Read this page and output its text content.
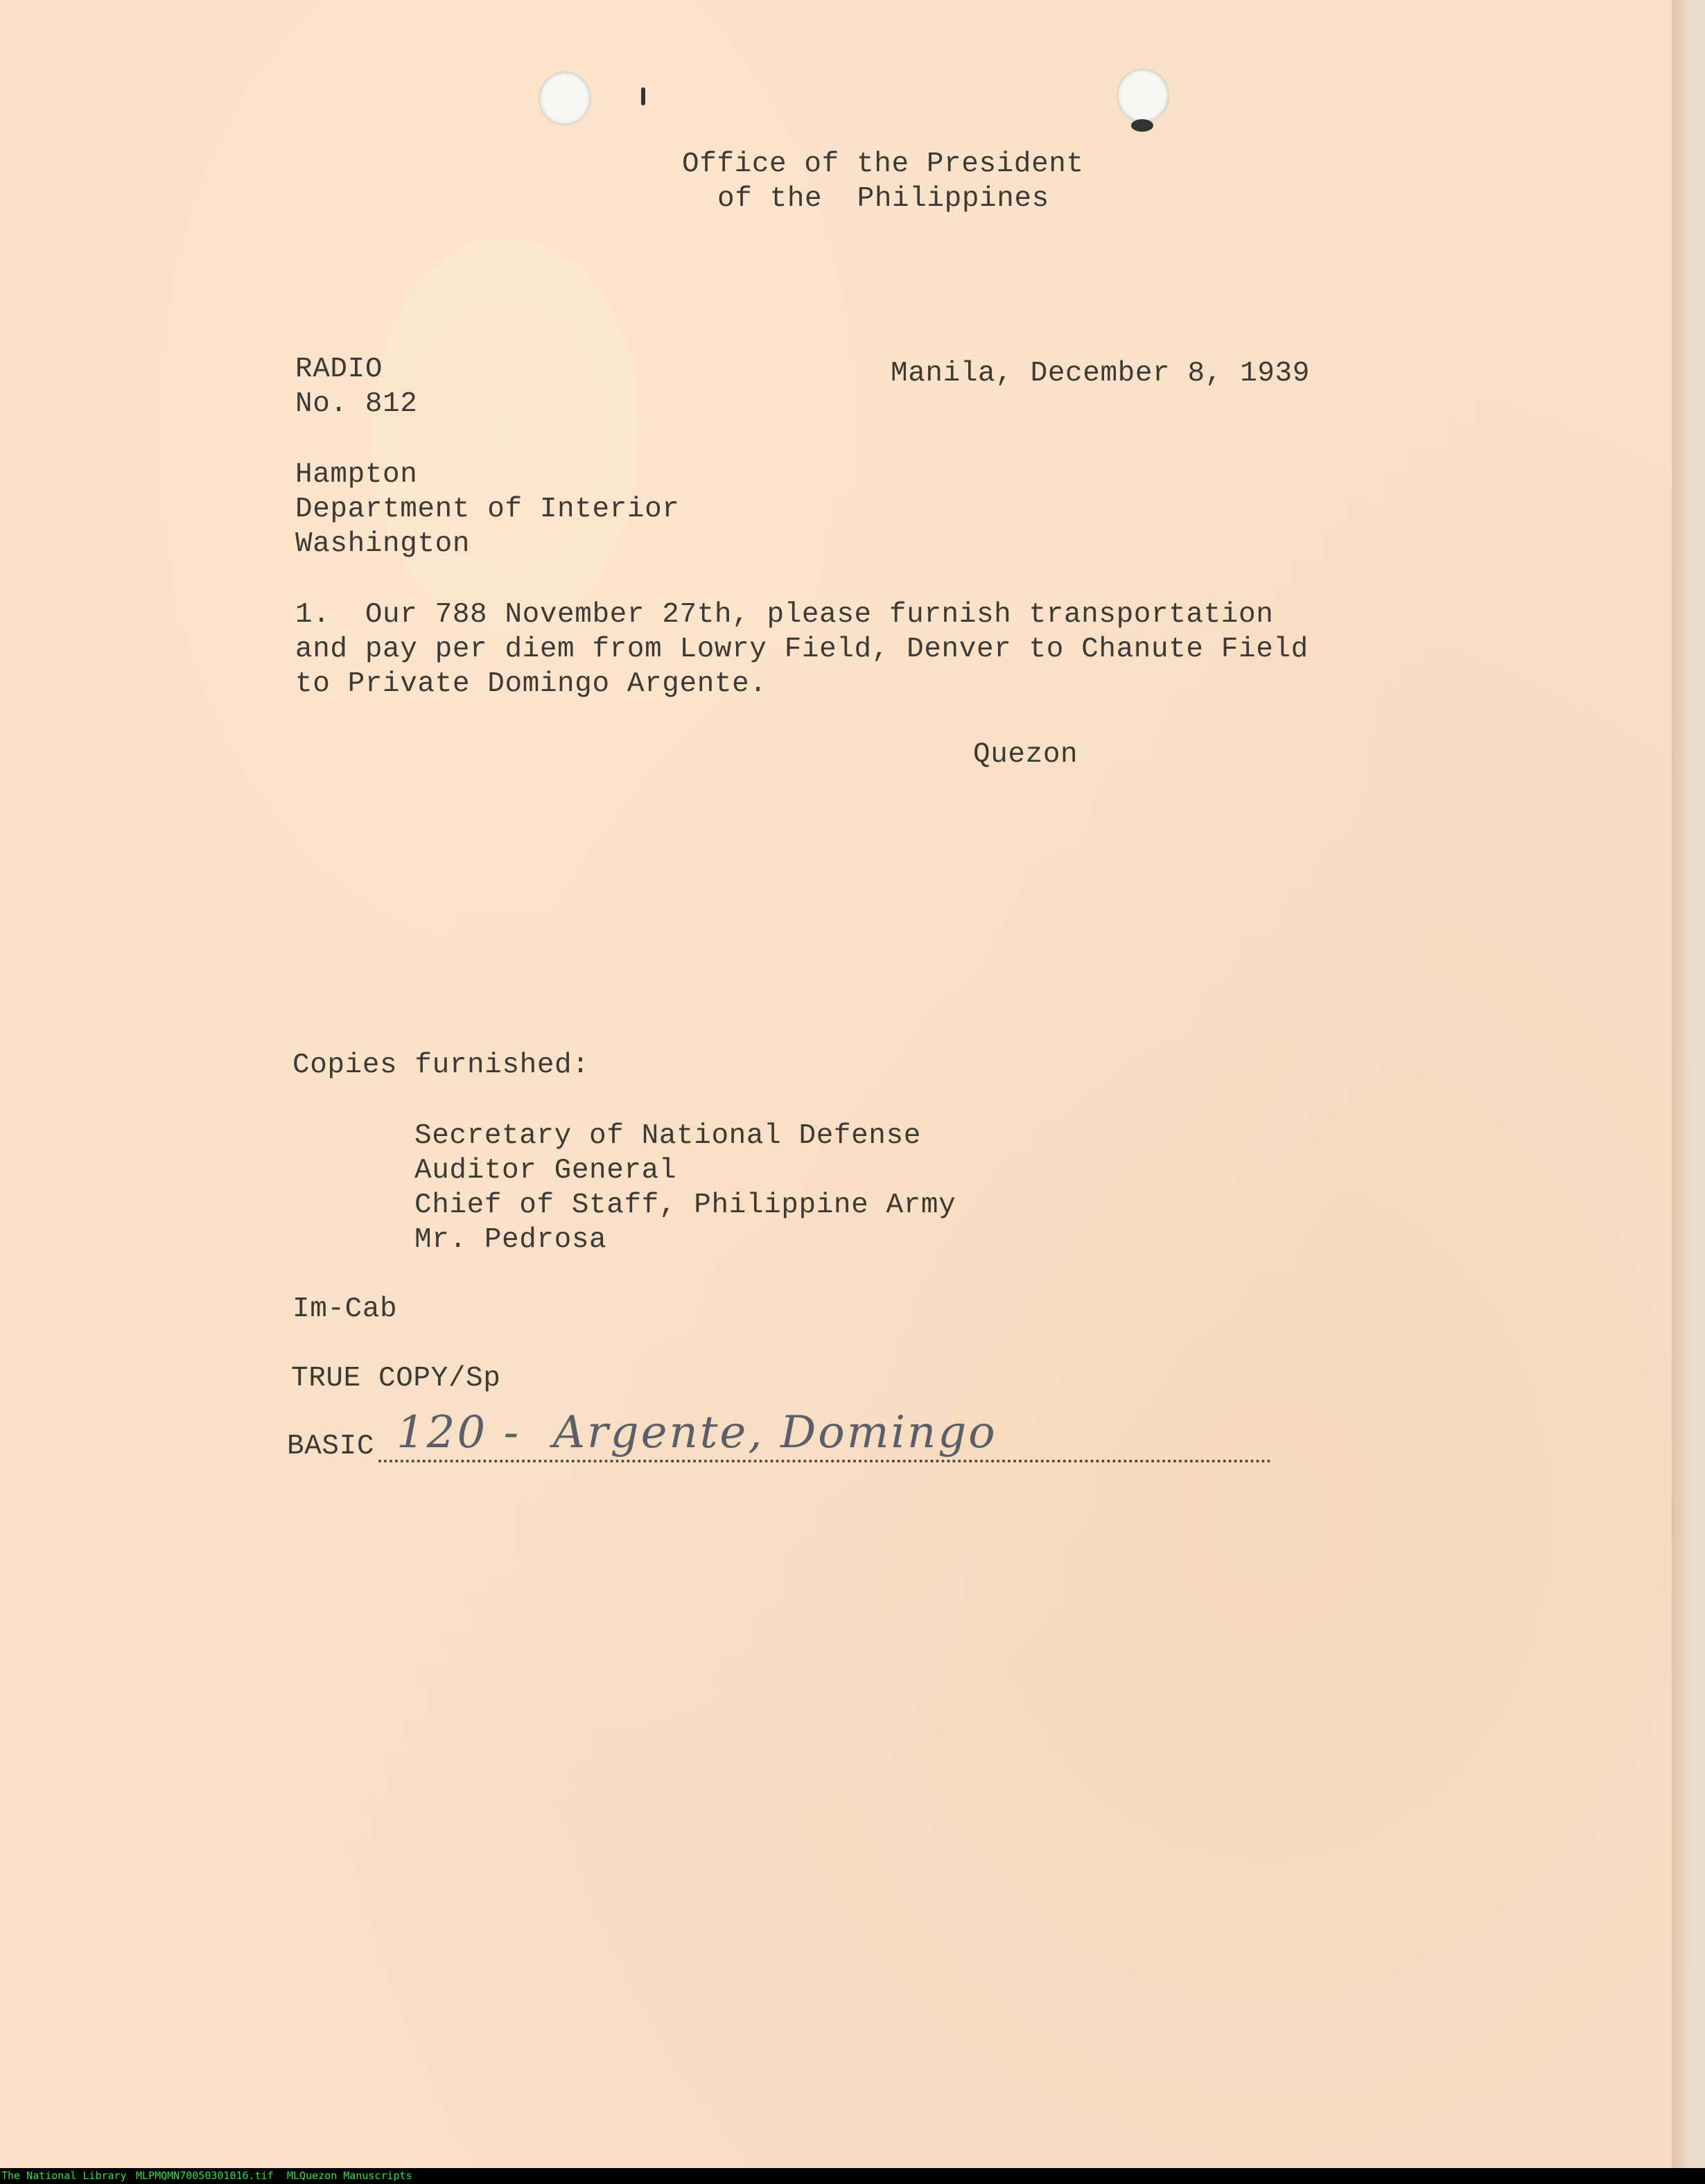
Office of the President
of the  Philippines
RADIO
No. 812
Manila, December 8, 1939
Hampton
Department of Interior
Washington
1.  Our 788 November 27th, please furnish transportation
and pay per diem from Lowry Field, Denver to Chanute Field
to Private Domingo Argente.
Quezon
Copies furnished:
Secretary of National Defense
Auditor General
Chief of Staff, Philippine Army
Mr. Pedrosa
Im-Cab
TRUE COPY/Sp
BASIC 120 -  Argente, Domingo
The National Library MLPMQMN70050301016.tif MLQuezon Manuscripts
